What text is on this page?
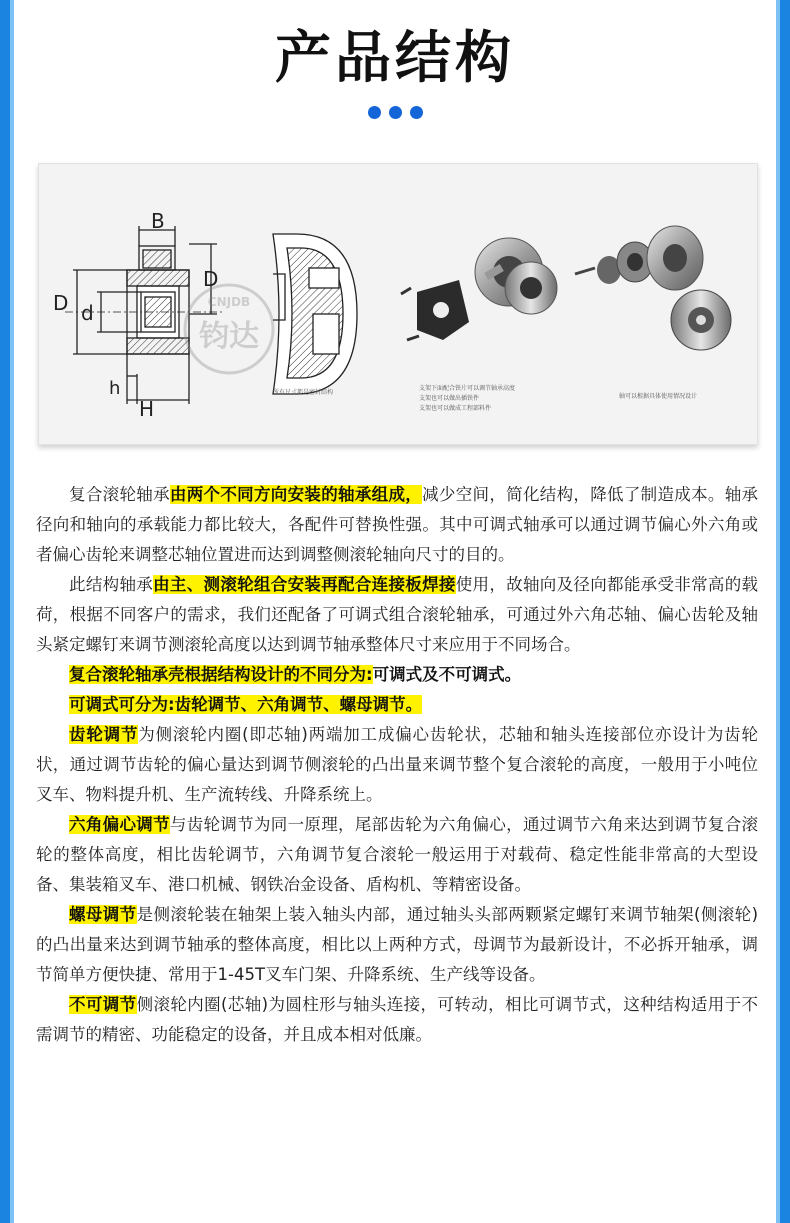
产品结构
B
D d
D
h
H
CNJDB
钧达
所有尺寸都是密封结构
支架下面配合铁片可以调节轴承高度
支架也可以做出插铁件
支架也可以做成工程部料件
轴可以根据具体使用情况设计

复合滚轮轴承由两个不同方向安装的轴承组成，减少空间，简化结构，降低了制造成本。轴承径向和轴向的承载能力都比较大，各配件可替换性强。其中可调式轴承可以通过调节偏心外六角或者偏心齿轮来调整芯轴位置进而达到调整侧滚轮轴向尺寸的目的。

此结构轴承由主、测滚轮组合安装再配合连接板焊接使用，故轴向及径向都能承受非常高的载荷，根据不同客户的需求，我们还配备了可调式组合滚轮轴承，可通过外六角芯轴、偏心齿轮及轴头紧定螺钉来调节测滚轮高度以达到调节轴承整体尺寸来应用于不同场合。

复合滚轮轴承壳根据结构设计的不同分为:可调式及不可调式。

可调式可分为:齿轮调节、六角调节、螺母调节。

齿轮调节为侧滚轮内圈(即芯轴)两端加工成偏心齿轮状，芯轴和轴头连接部位亦设计为齿轮状，通过调节齿轮的偏心量达到调节侧滚轮的凸出量来调节整个复合滚轮的高度，一般用于小吨位叉车、物料提升机、生产流转线、升降系统上。

六角偏心调节与齿轮调节为同一原理，尾部齿轮为六角偏心，通过调节六角来达到调节复合滚轮的整体高度，相比齿轮调节，六角调节复合滚轮一般运用于对载荷、稳定性能非常高的大型设备、集装箱叉车、港口机械、钢铁冶金设备、盾构机、等精密设备。

螺母调节是侧滚轮装在轴架上装入轴头内部，通过轴头头部两颗紧定螺钉来调节轴架(侧滚轮)的凸出量来达到调节轴承的整体高度，相比以上两种方式，母调节为最新设计，不必拆开轴承，调节简单方便快捷、常用于1-45T叉车门架、升降系统、生产线等设备。

不可调节侧滚轮内圈(芯轴)为圆柱形与轴头连接，可转动，相比可调节式，这种结构适用于不需调节的精密、功能稳定的设备，并且成本相对低廉。
